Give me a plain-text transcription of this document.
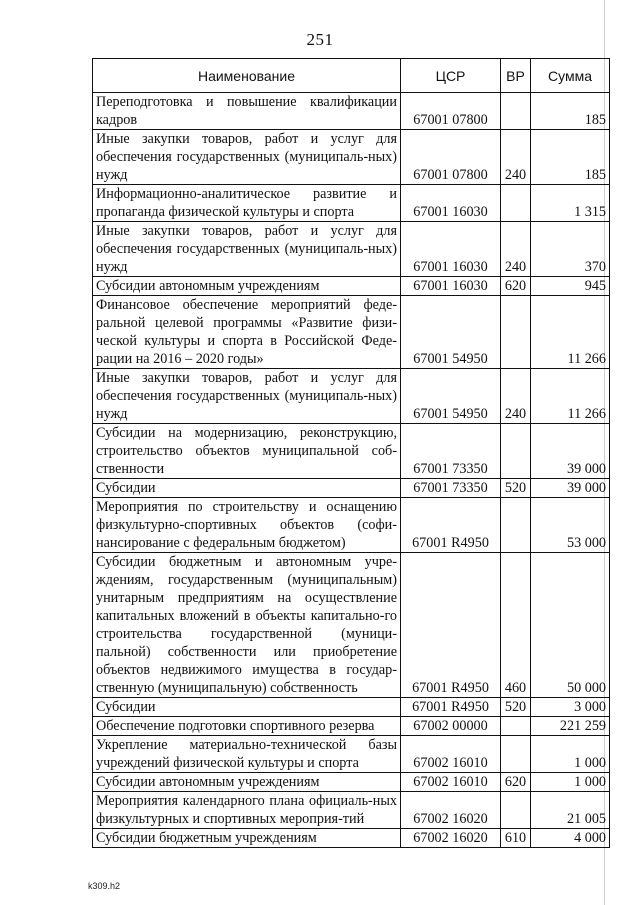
251
Наименование	ЦСР	ВР	Сумма
Переподготовка и повышение квалификации кадров	67001 07800		185
Иные закупки товаров, работ и услуг для обеспечения государственных (муниципаль-ных) нужд	67001 07800	240	185
Информационно-аналитическое развитие и пропаганда физической культуры и спорта	67001 16030		1 315
Иные закупки товаров, работ и услуг для обеспечения государственных (муниципаль-ных) нужд	67001 16030	240	370
Субсидии автономным учреждениям	67001 16030	620	945
Финансовое обеспечение мероприятий феде-ральной целевой программы «Развитие физи-ческой культуры и спорта в Российской Феде-рации на 2016 – 2020 годы»	67001 54950		11 266
Иные закупки товаров, работ и услуг для обеспечения государственных (муниципаль-ных) нужд	67001 54950	240	11 266
Субсидии на модернизацию, реконструкцию, строительство объектов муниципальной соб-ственности	67001 73350		39 000
Субсидии	67001 73350	520	39 000
Мероприятия по строительству и оснащению физкультурно-спортивных объектов (софи-нансирование с федеральным бюджетом)	67001 R4950		53 000
Субсидии бюджетным и автономным учре-ждениям, государственным (муниципальным) унитарным предприятиям на осуществление капитальных вложений в объекты капитально-го строительства государственной (муници-пальной) собственности или приобретение объектов недвижимого имущества в государ-ственную (муниципальную) собственность	67001 R4950	460	50 000
Субсидии	67001 R4950	520	3 000
Обеспечение подготовки спортивного резерва	67002 00000		221 259
Укрепление материально-технической базы учреждений физической культуры и спорта	67002 16010		1 000
Субсидии автономным учреждениям	67002 16010	620	1 000
Мероприятия календарного плана официаль-ных физкультурных и спортивных мероприя-тий	67002 16020		21 005
Субсидии бюджетным учреждениям	67002 16020	610	4 000
k309.h2
